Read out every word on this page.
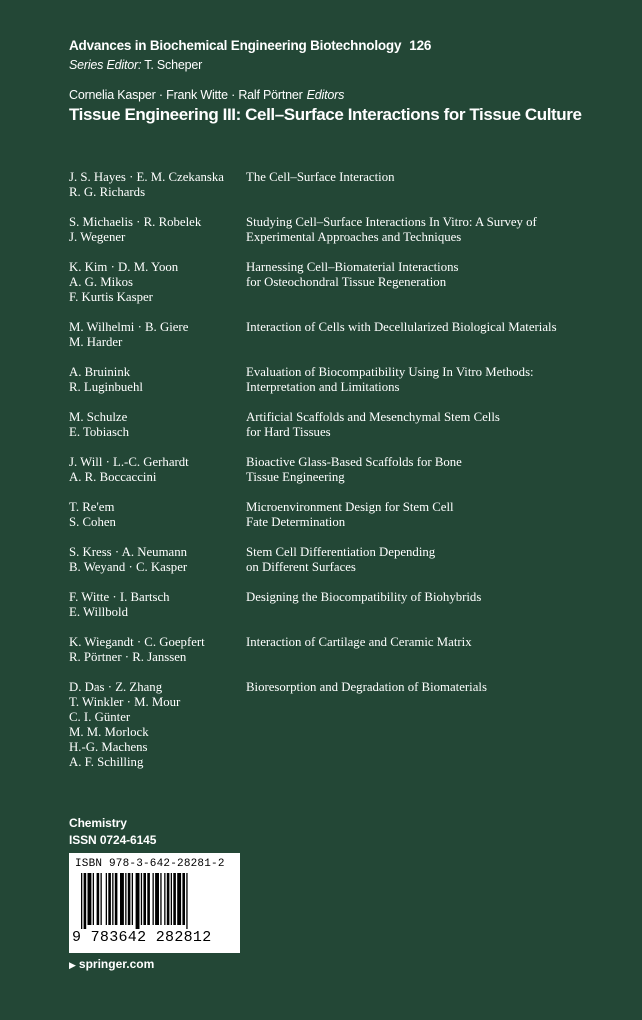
Advances in Biochemical Engineering Biotechnology 126
Series Editor: T. Scheper
Cornelia Kasper · Frank Witte · Ralf Pörtner Editors
Tissue Engineering III: Cell–Surface Interactions for Tissue Culture
J. S. Hayes · E. M. Czekanska
R. G. Richards
The Cell–Surface Interaction
S. Michaelis · R. Robelek
J. Wegener
Studying Cell–Surface Interactions In Vitro: A Survey of
Experimental Approaches and Techniques
K. Kim · D. M. Yoon
A. G. Mikos
F. Kurtis Kasper
Harnessing Cell–Biomaterial Interactions
for Osteochondral Tissue Regeneration
M. Wilhelmi · B. Giere
M. Harder
Interaction of Cells with Decellularized Biological Materials
A. Bruinink
R. Luginbuehl
Evaluation of Biocompatibility Using In Vitro Methods:
Interpretation and Limitations
M. Schulze
E. Tobiasch
Artificial Scaffolds and Mesenchymal Stem Cells
for Hard Tissues
J. Will · L.-C. Gerhardt
A. R. Boccaccini
Bioactive Glass-Based Scaffolds for Bone
Tissue Engineering
T. Re'em
S. Cohen
Microenvironment Design for Stem Cell
Fate Determination
S. Kress · A. Neumann
B. Weyand · C. Kasper
Stem Cell Differentiation Depending
on Different Surfaces
F. Witte · I. Bartsch
E. Willbold
Designing the Biocompatibility of Biohybrids
K. Wiegandt · C. Goepfert
R. Pörtner · R. Janssen
Interaction of Cartilage and Ceramic Matrix
D. Das · Z. Zhang
T. Winkler · M. Mour
C. I. Günter
M. M. Morlock
H.-G. Machens
A. F. Schilling
Bioresorption and Degradation of Biomaterials
Chemistry
ISSN 0724-6145
ISBN 978-3-642-28281-2
9 783642 282812
▶ springer.com
